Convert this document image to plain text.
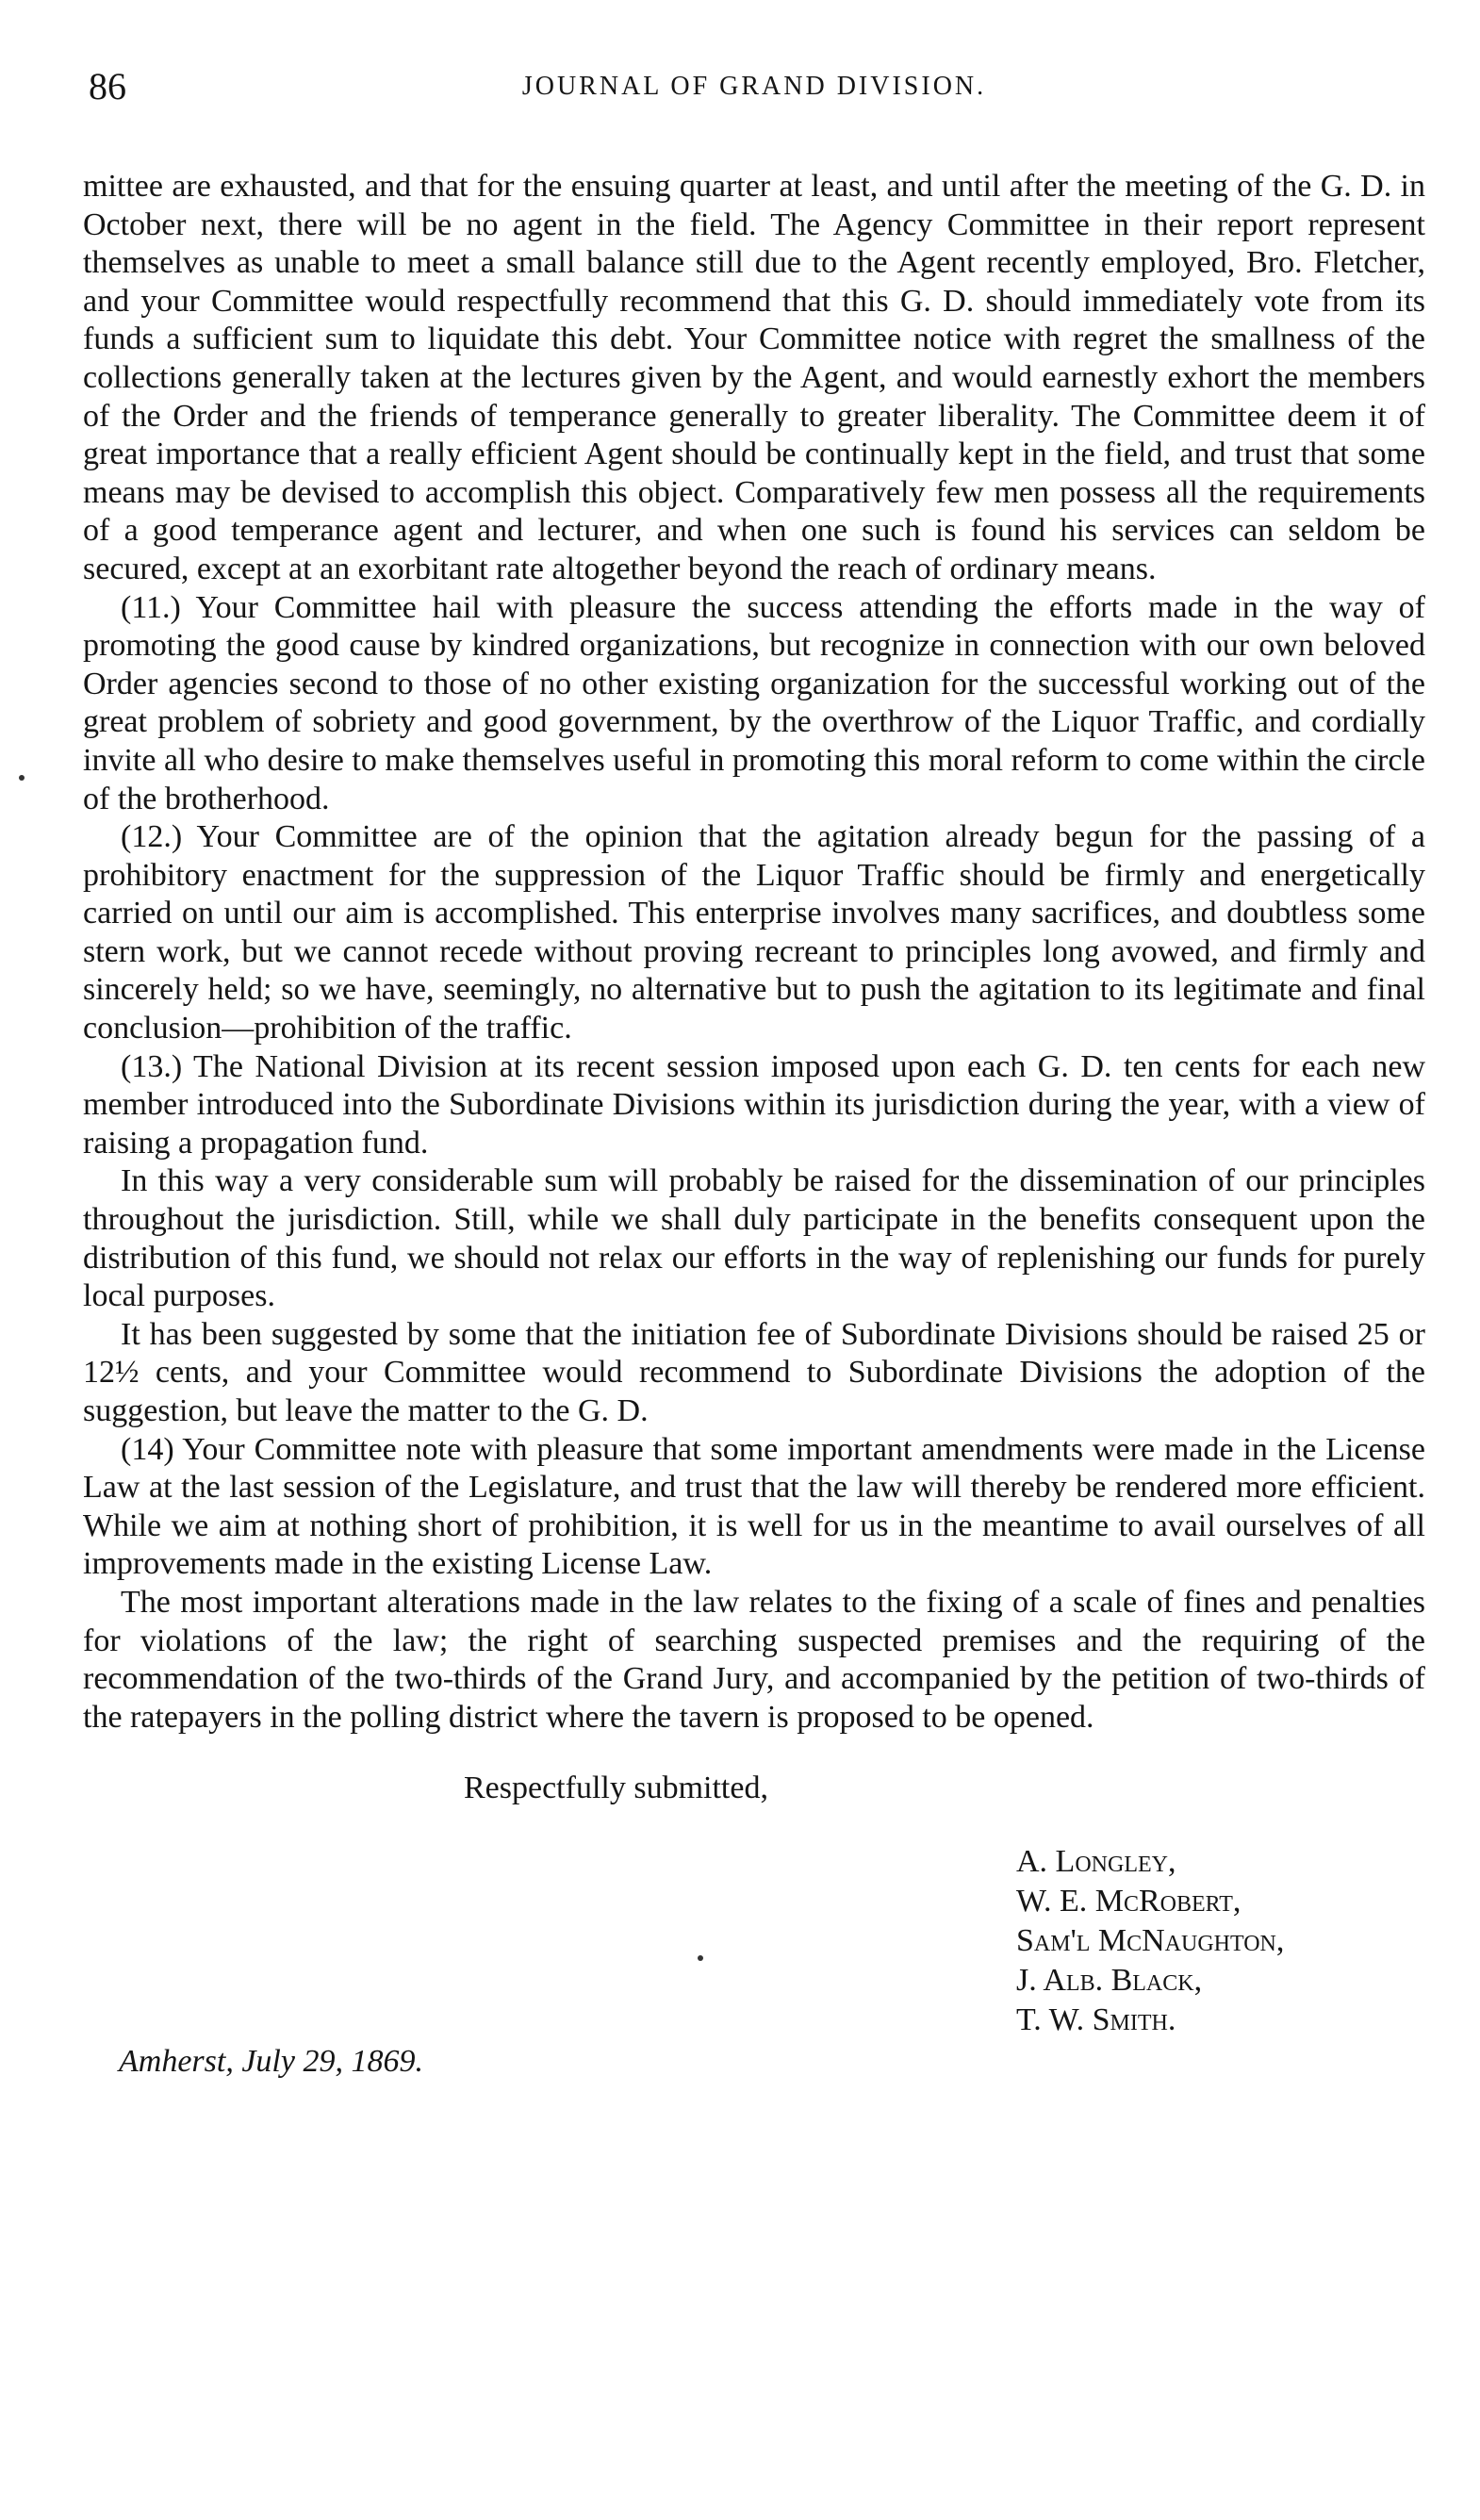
86	JOURNAL OF GRAND DIVISION.

mittee are exhausted, and that for the ensuing quarter at least, and until after the meeting of the G. D. in October next, there will be no agent in the field. The Agency Committee in their report represent themselves as unable to meet a small balance still due to the Agent recently employed, Bro. Fletcher, and your Committee would respectfully recommend that this G. D. should immediately vote from its funds a sufficient sum to liquidate this debt. Your Committee notice with regret the smallness of the collections generally taken at the lectures given by the Agent, and would earnestly exhort the members of the Order and the friends of temperance generally to greater liberality. The Committee deem it of great importance that a really efficient Agent should be continually kept in the field, and trust that some means may be devised to accomplish this object. Comparatively few men possess all the requirements of a good temperance agent and lecturer, and when one such is found his services can seldom be secured, except at an exorbitant rate altogether beyond the reach of ordinary means.

(11.) Your Committee hail with pleasure the success attending the efforts made in the way of promoting the good cause by kindred organizations, but recognize in connection with our own beloved Order agencies second to those of no other existing organization for the successful working out of the great problem of sobriety and good government, by the overthrow of the Liquor Traffic, and cordially invite all who desire to make themselves useful in promoting this moral reform to come within the circle of the brotherhood.

(12.) Your Committee are of the opinion that the agitation already begun for the passing of a prohibitory enactment for the suppression of the Liquor Traffic should be firmly and energetically carried on until our aim is accomplished. This enterprise involves many sacrifices, and doubtless some stern work, but we cannot recede without proving recreant to principles long avowed, and firmly and sincerely held; so we have, seemingly, no alternative but to push the agitation to its legitimate and final conclusion—prohibition of the traffic.

(13.) The National Division at its recent session imposed upon each G. D. ten cents for each new member introduced into the Subordinate Divisions within its jurisdiction during the year, with a view of raising a propagation fund.

In this way a very considerable sum will probably be raised for the dissemination of our principles throughout the jurisdiction. Still, while we shall duly participate in the benefits consequent upon the distribution of this fund, we should not relax our efforts in the way of replenishing our funds for purely local purposes.

It has been suggested by some that the initiation fee of Subordinate Divisions should be raised 25 or 12½ cents, and your Committee would recommend to Subordinate Divisions the adoption of the suggestion, but leave the matter to the G. D.

(14) Your Committee note with pleasure that some important amendments were made in the License Law at the last session of the Legislature, and trust that the law will thereby be rendered more efficient. While we aim at nothing short of prohibition, it is well for us in the meantime to avail ourselves of all improvements made in the existing License Law.

The most important alterations made in the law relates to the fixing of a scale of fines and penalties for violations of the law; the right of searching suspected premises and the requiring of the recommendation of the two-thirds of the Grand Jury, and accompanied by the petition of two-thirds of the ratepayers in the polling district where the tavern is proposed to be opened.

Respectfully submitted,
A. Longley,
W. E. McRobert,
Sam'l McNaughton,
J. Alb. Black,
T. W. Smith.
Amherst, July 29, 1869.
